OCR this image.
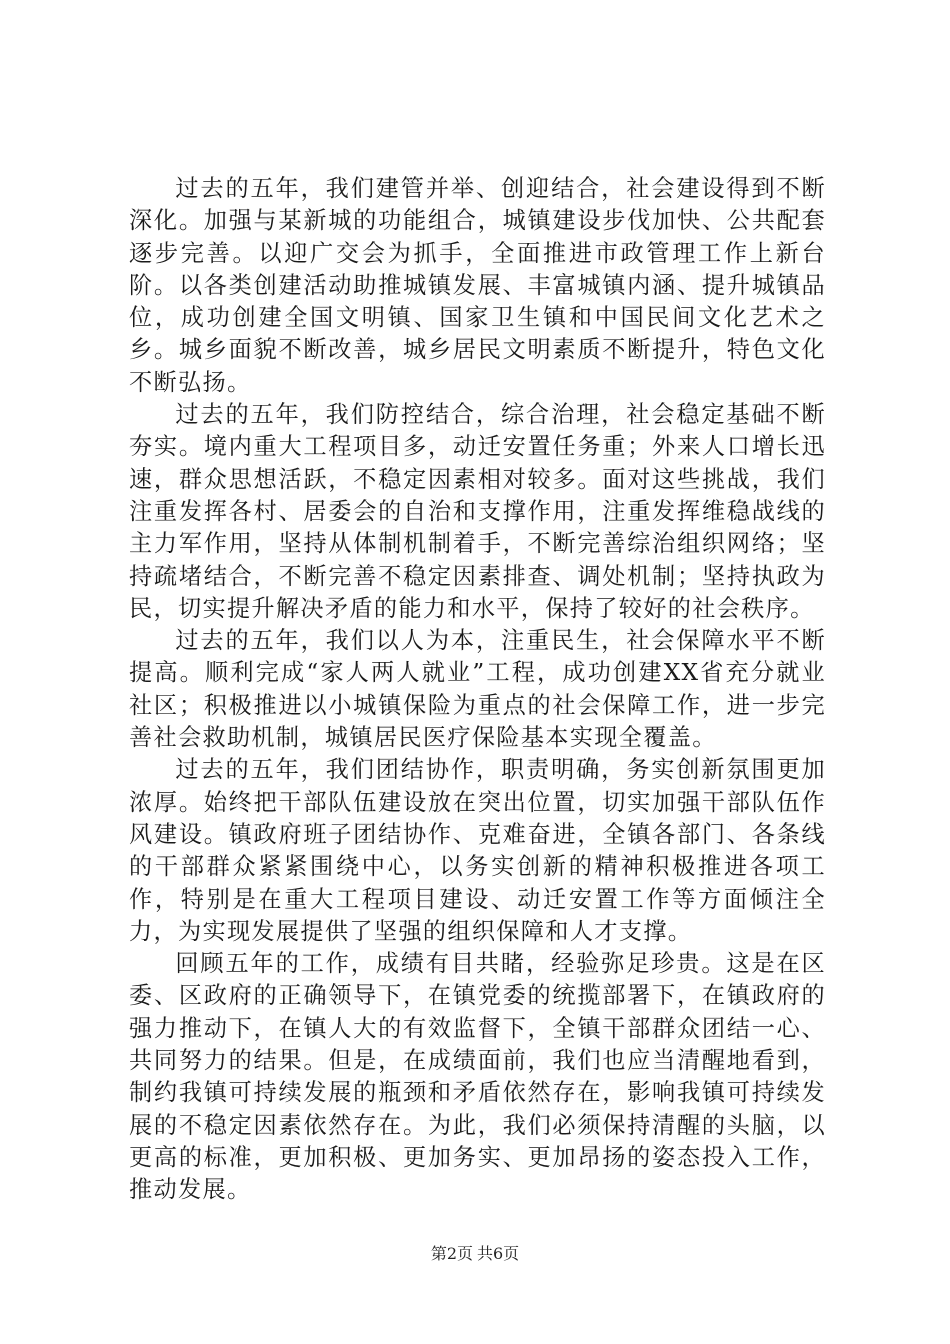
过去的五年，我们建管并举、创迎结合，社会建设得到不断深化。加强与某新城的功能组合，城镇建设步伐加快、公共配套逐步完善。以迎广交会为抓手，全面推进市政管理工作上新台阶。以各类创建活动助推城镇发展、丰富城镇内涵、提升城镇品位，成功创建全国文明镇、国家卫生镇和中国民间文化艺术之乡。城乡面貌不断改善，城乡居民文明素质不断提升，特色文化不断弘扬。

过去的五年，我们防控结合，综合治理，社会稳定基础不断夯实。境内重大工程项目多，动迁安置任务重；外来人口增长迅速，群众思想活跃，不稳定因素相对较多。面对这些挑战，我们注重发挥各村、居委会的自治和支撑作用，注重发挥维稳战线的主力军作用，坚持从体制机制着手，不断完善综治组织网络；坚持疏堵结合，不断完善不稳定因素排查、调处机制；坚持执政为民，切实提升解决矛盾的能力和水平，保持了较好的社会秩序。

过去的五年，我们以人为本，注重民生，社会保障水平不断提高。顺利完成“家人两人就业”工程，成功创建XX省充分就业社区；积极推进以小城镇保险为重点的社会保障工作，进一步完善社会救助机制，城镇居民医疗保险基本实现全覆盖。

过去的五年，我们团结协作，职责明确，务实创新氛围更加浓厚。始终把干部队伍建设放在突出位置，切实加强干部队伍作风建设。镇政府班子团结协作、克难奋进，全镇各部门、各条线的干部群众紧紧围绕中心，以务实创新的精神积极推进各项工作，特别是在重大工程项目建设、动迁安置工作等方面倾注全力，为实现发展提供了坚强的组织保障和人才支撑。

回顾五年的工作，成绩有目共睹，经验弥足珍贵。这是在区委、区政府的正确领导下，在镇党委的统揽部署下，在镇政府的强力推动下，在镇人大的有效监督下，全镇干部群众团结一心、共同努力的结果。但是，在成绩面前，我们也应当清醒地看到，制约我镇可持续发展的瓶颈和矛盾依然存在，影响我镇可持续发展的不稳定因素依然存在。为此，我们必须保持清醒的头脑，以更高的标准，更加积极、更加务实、更加昂扬的姿态投入工作，推动发展。

第2页 共6页
